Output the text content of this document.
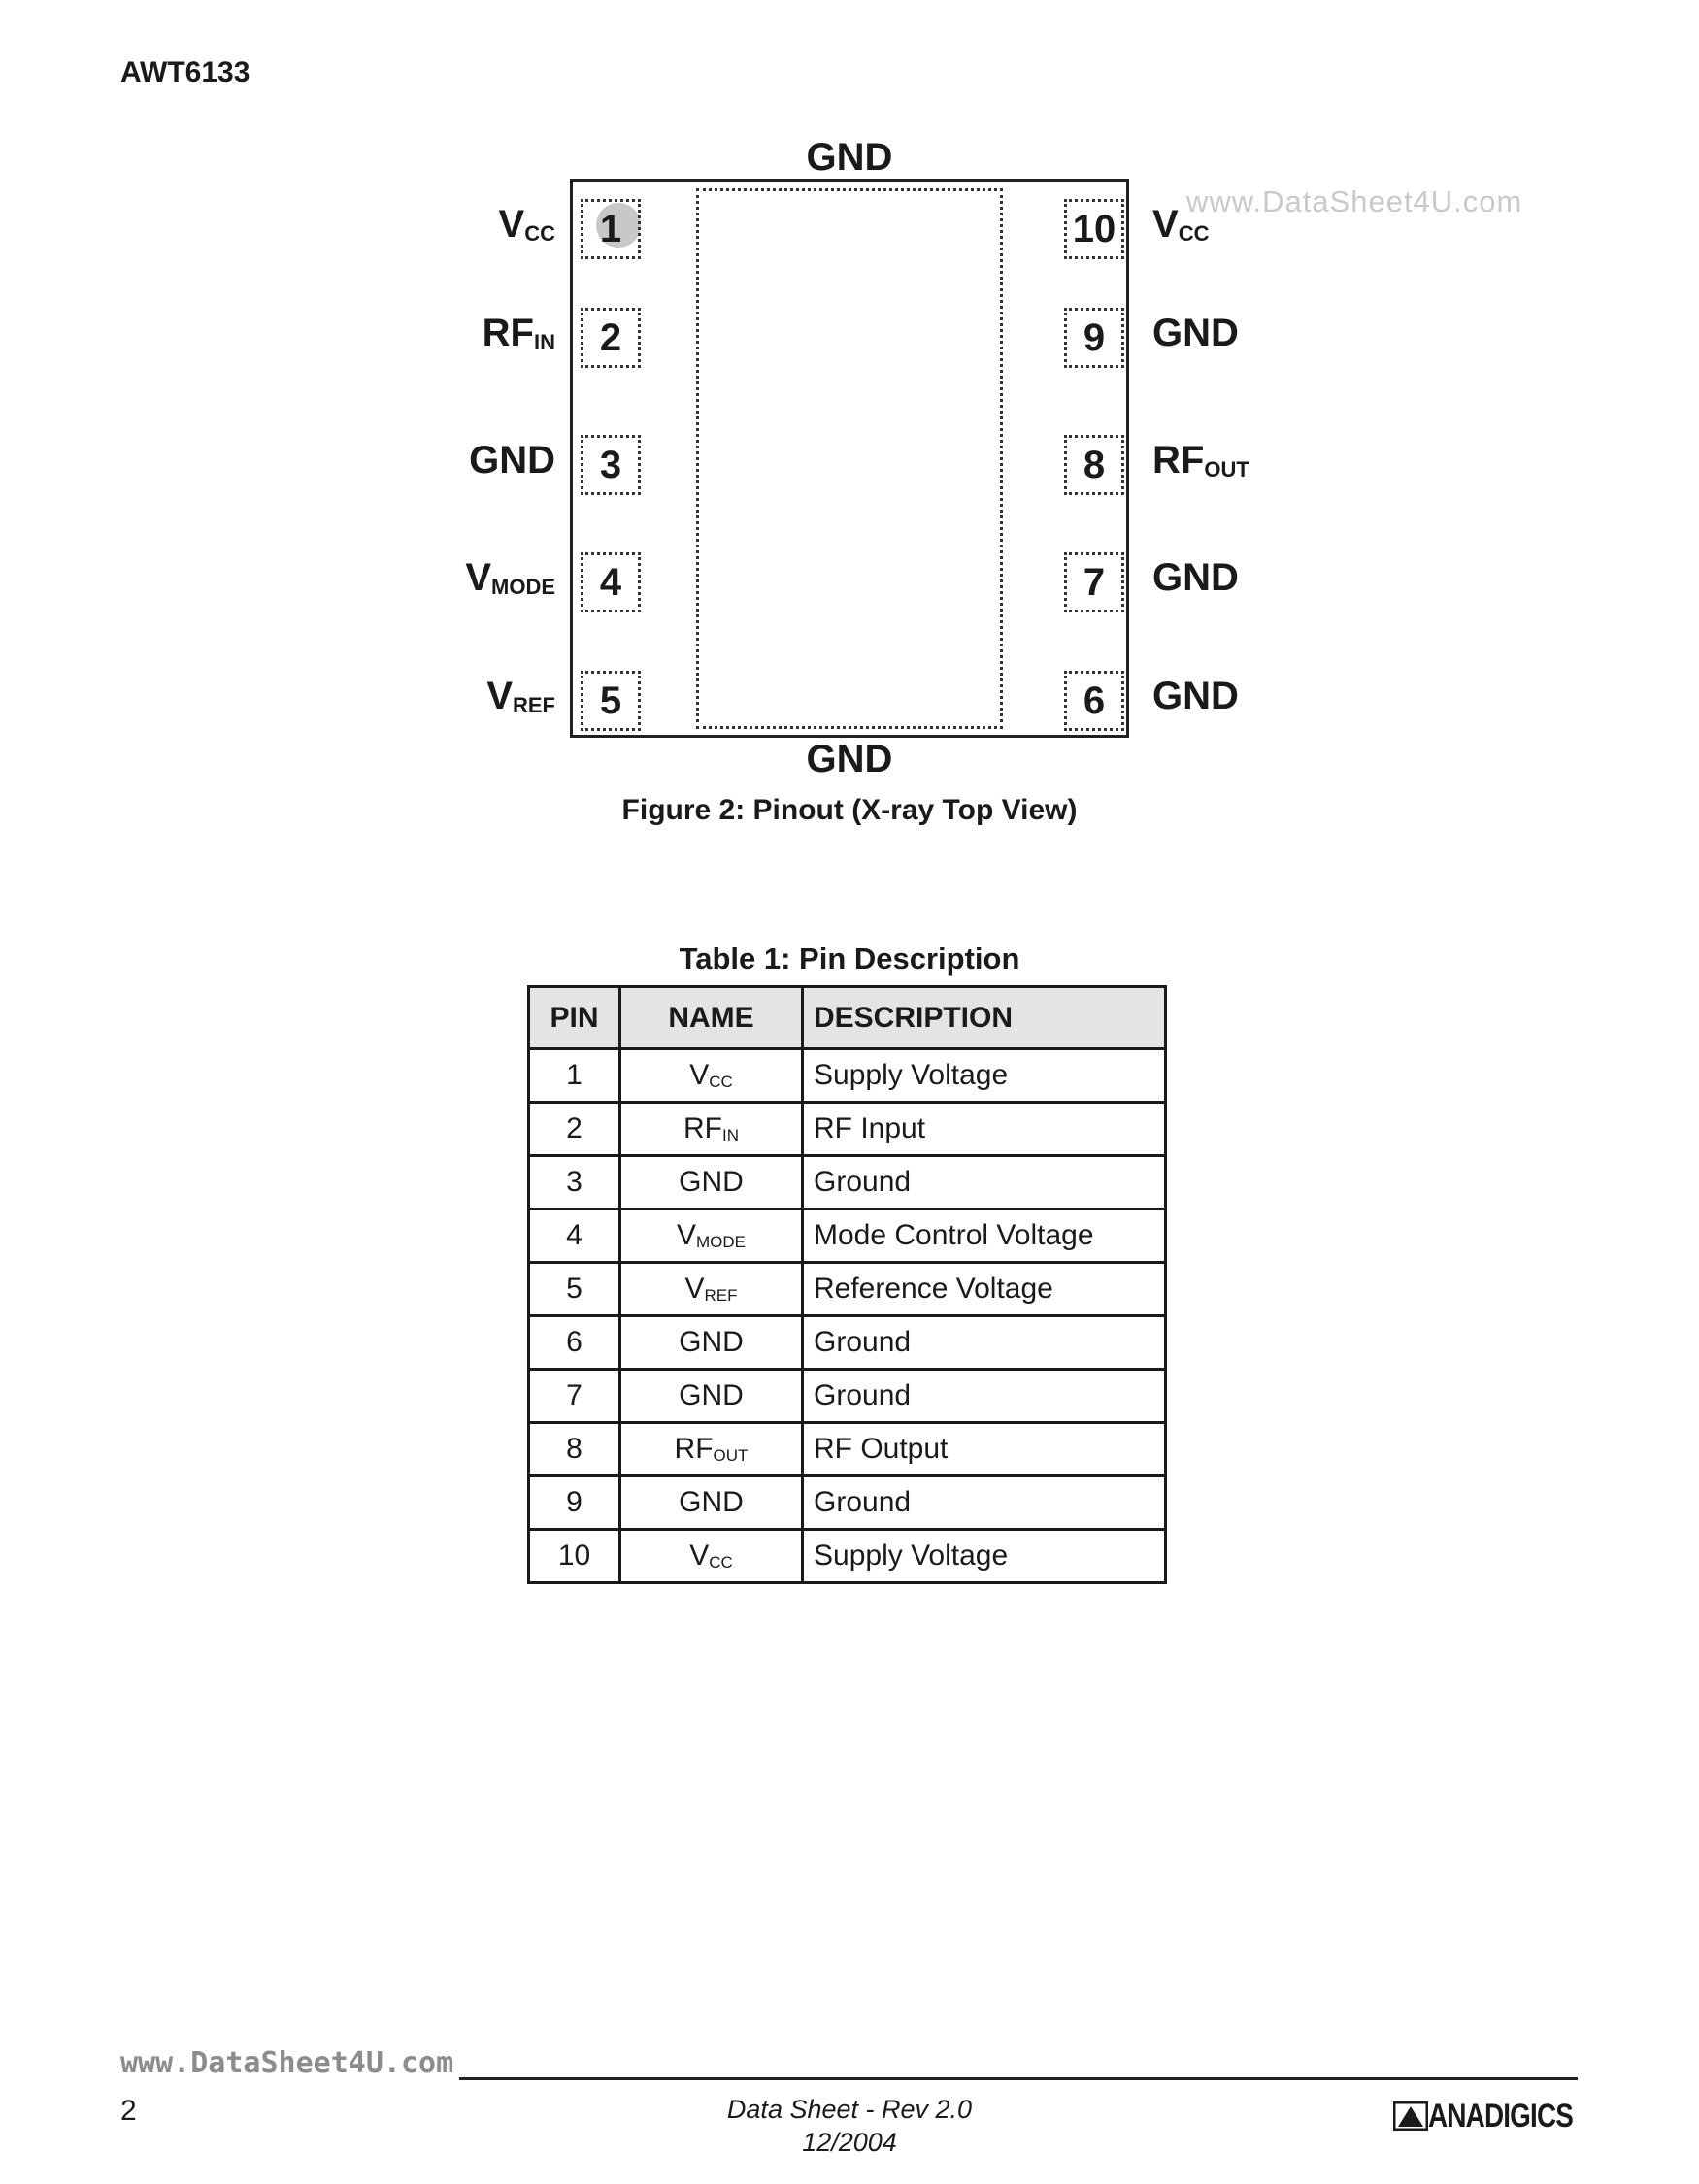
AWT6133
GND
GND
www.DataSheet4U.com
1
$V_{CC}$
2
$RF_{IN}$
3
GND
4
$V_{MODE}$
5
$V_{REF}$
10 $V_{CC}$
9	GND
8	$RF_{OUT}$
7	GND
6	GND
Figure 2: Pinout (X-ray Top View)
Table 1: Pin Description
PIN	NAME	DESCRIPTION
1	$V_{CC}$	Supply Voltage
2	$RF_{IN}$	RF Input
3	GND	Ground
4	$V_{MODE}$	Mode Control Voltage
5	$V_{REF}$	Reference Voltage
6	GND	Ground
7	GND	Ground
8	$RF_{OUT}$	RF Output
9	GND	Ground
10	$V_{CC}$	Supply Voltage
www.DataSheet4U.com
2	Data Sheet - Rev 2.0
12/2004
ANADIGICS
